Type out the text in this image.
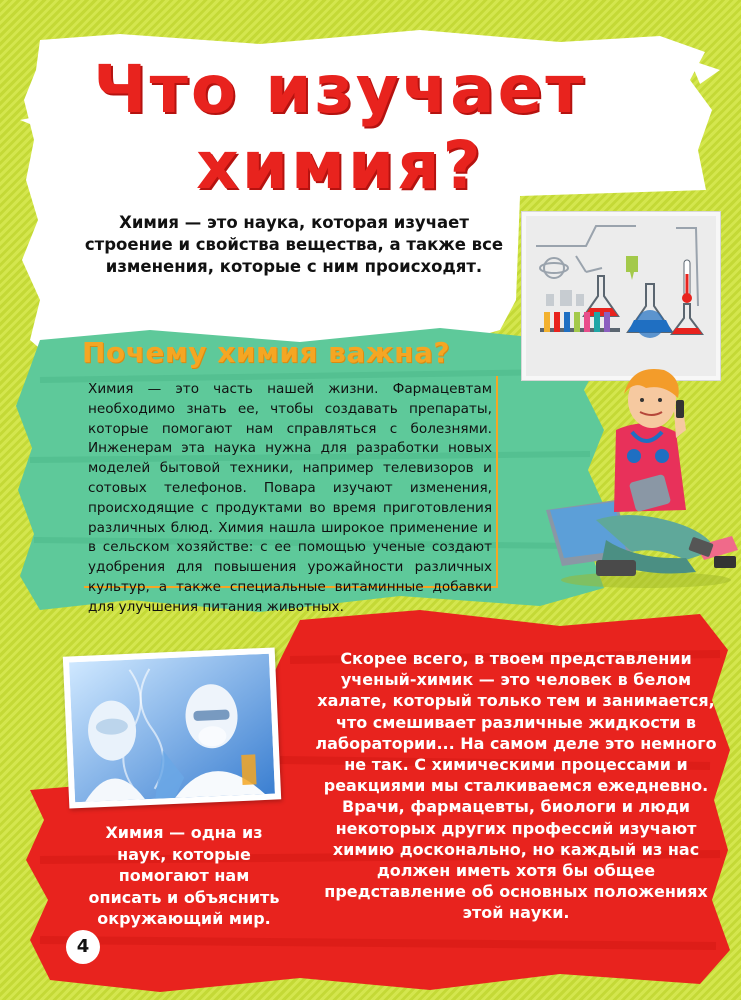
Что изучает
химия?
Химия — это наука, которая изучает строение и свойства вещества, а также все изменения, которые с ним происходят.
Почему химия важна?
Химия — это часть нашей жизни. Фармацевтам необходимо знать ее, чтобы создавать препараты, которые помогают нам справляться с болезнями. Инженерам эта наука нужна для разработки новых моделей бытовой техники, например телевизоров и сотовых телефонов. Повара изучают изменения, происходящие с продуктами во время приготовления различных блюд. Химия нашла широкое применение и в сельском хозяйстве: с ее помощью ученые создают удобрения для повышения урожайности различных культур, а также специальные витаминные добавки для улучшения питания животных.
Химия — одна из наук, которые помогают нам описать и объяснить окружающий мир.
Скорее всего, в твоем представлении ученый-химик — это человек в белом халате, который только тем и занимается, что смешивает различные жидкости в лаборатории... На самом деле это немного не так. С химическими процессами и реакциями мы сталкиваемся ежедневно. Врачи, фармацевты, биологи и люди некоторых других профессий изучают химию досконально, но каждый из нас должен иметь хотя бы общее представление об основных положениях этой науки.
4
